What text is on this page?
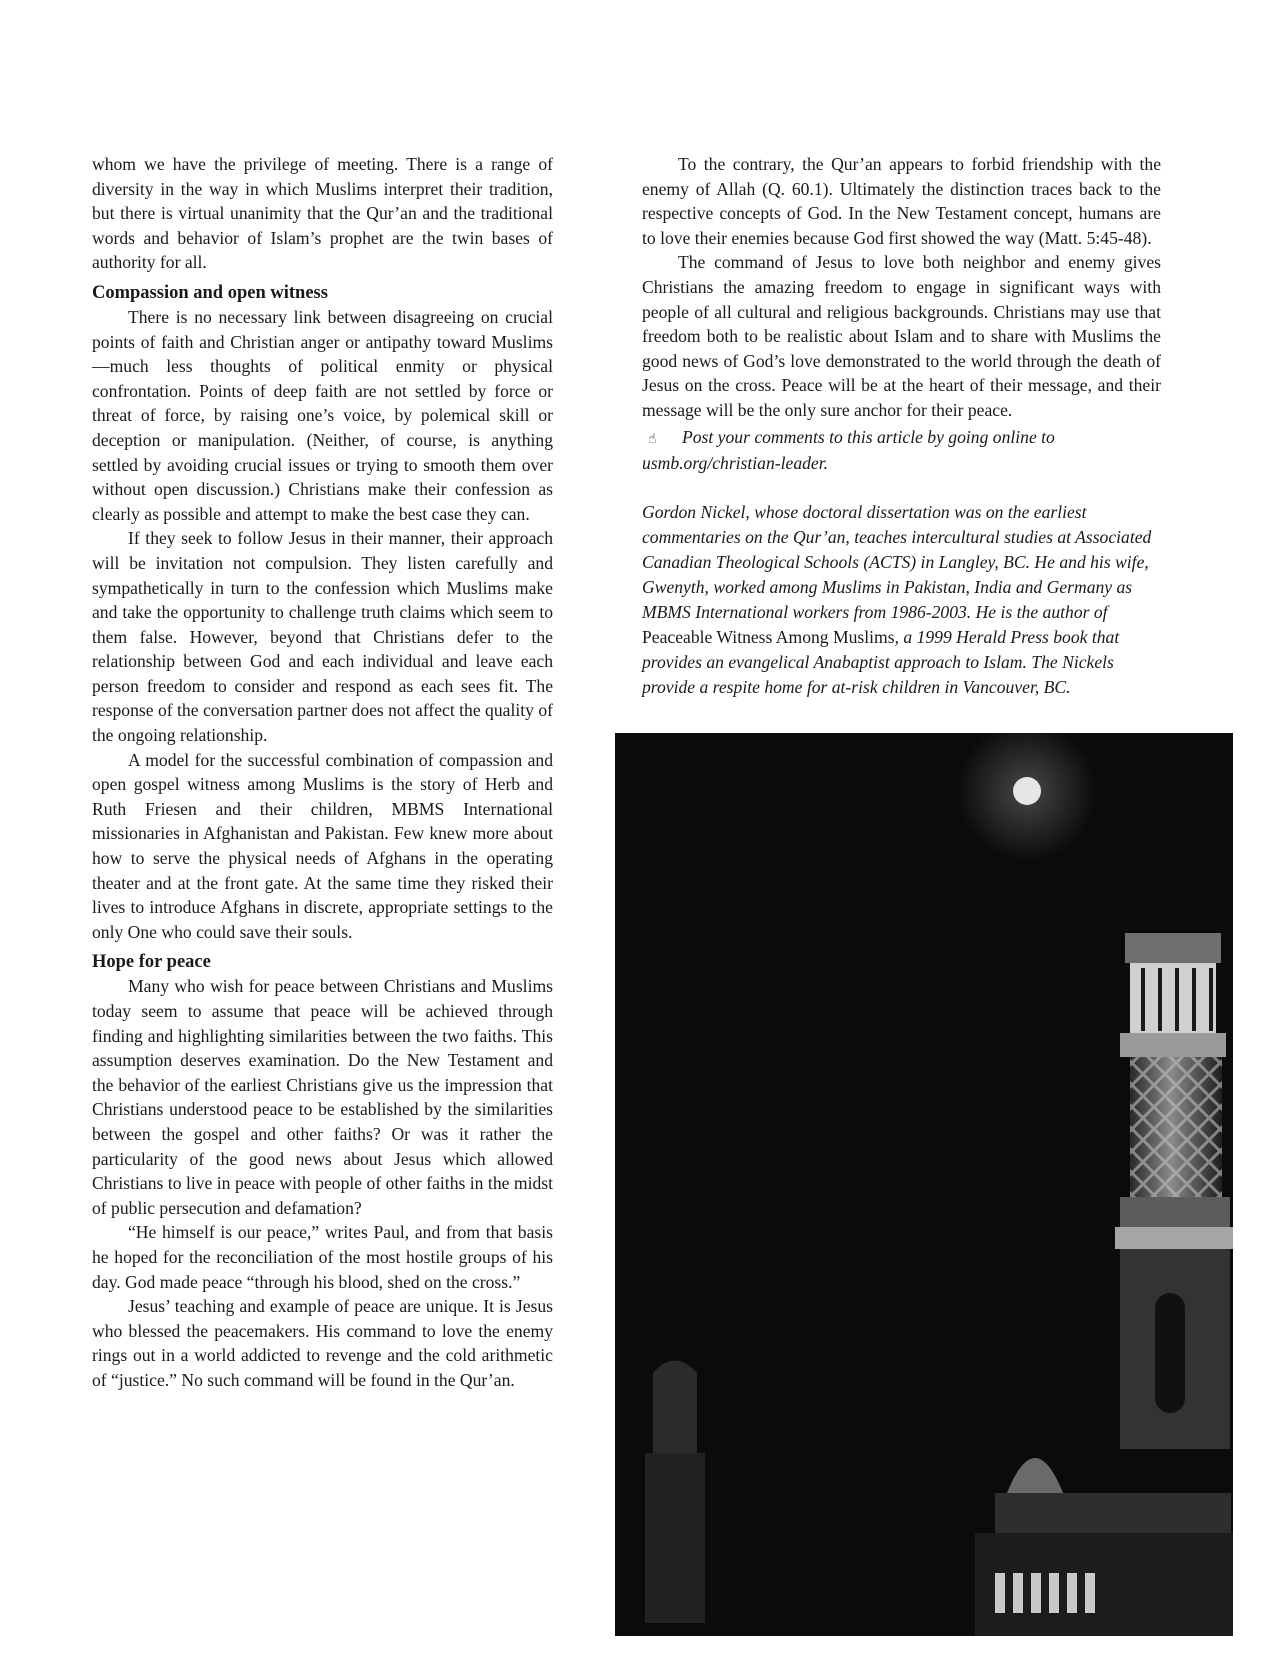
whom we have the privilege of meeting. There is a range of diversity in the way in which Muslims interpret their tradition, but there is virtual unanimity that the Qur’an and the traditional words and behavior of Islam’s prophet are the twin bases of authority for all.

Compassion and open witness

There is no necessary link between disagreeing on crucial points of faith and Christian anger or antipathy toward Muslims—much less thoughts of political enmity or physical confrontation. Points of deep faith are not settled by force or threat of force, by raising one’s voice, by polemical skill or deception or manipulation. (Neither, of course, is anything settled by avoiding crucial issues or trying to smooth them over without open discussion.) Christians make their confession as clearly as possible and attempt to make the best case they can.

If they seek to follow Jesus in their manner, their approach will be invitation not compulsion. They listen carefully and sympathetically in turn to the confession which Muslims make and take the opportunity to challenge truth claims which seem to them false. However, beyond that Christians defer to the relationship between God and each individual and leave each person freedom to consider and respond as each sees fit. The response of the conversation partner does not affect the quality of the ongoing relationship.

A model for the successful combination of compassion and open gospel witness among Muslims is the story of Herb and Ruth Friesen and their children, MBMS International missionaries in Afghanistan and Pakistan. Few knew more about how to serve the physical needs of Afghans in the operating theater and at the front gate. At the same time they risked their lives to introduce Afghans in discrete, appropriate settings to the only One who could save their souls.

Hope for peace

Many who wish for peace between Christians and Muslims today seem to assume that peace will be achieved through finding and highlighting similarities between the two faiths. This assumption deserves examination. Do the New Testament and the behavior of the earliest Christians give us the impression that Christians understood peace to be established by the similarities between the gospel and other faiths? Or was it rather the particularity of the good news about Jesus which allowed Christians to live in peace with people of other faiths in the midst of public persecution and defamation?

“He himself is our peace,” writes Paul, and from that basis he hoped for the reconciliation of the most hostile groups of his day. God made peace “through his blood, shed on the cross.”

Jesus’ teaching and example of peace are unique. It is Jesus who blessed the peacemakers. His command to love the enemy rings out in a world addicted to revenge and the cold arithmetic of “justice.” No such command will be found in the Qur’an.

To the contrary, the Qur’an appears to forbid friendship with the enemy of Allah (Q. 60.1). Ultimately the distinction traces back to the respective concepts of God. In the New Testament concept, humans are to love their enemies because God first showed the way (Matt. 5:45-48).

The command of Jesus to love both neighbor and enemy gives Christians the amazing freedom to engage in significant ways with people of all cultural and religious backgrounds. Christians may use that freedom both to be realistic about Islam and to share with Muslims the good news of God’s love demonstrated to the world through the death of Jesus on the cross. Peace will be at the heart of their message, and their message will be the only sure anchor for their peace.

☝ Post your comments to this article by going online to
usmb.org/christian-leader.

Gordon Nickel, whose doctoral dissertation was on the earliest commentaries on the Qur’an, teaches intercultural studies at Associated Canadian Theological Schools (ACTS) in Langley, BC. He and his wife, Gwenyth, worked among Muslims in Pakistan, India and Germany as MBMS International workers from 1986-2003. He is the author of Peaceable Witness Among Muslims, a 1999 Herald Press book that provides an evangelical Anabaptist approach to Islam. The Nickels provide a respite home for at-risk children in Vancouver, BC.
